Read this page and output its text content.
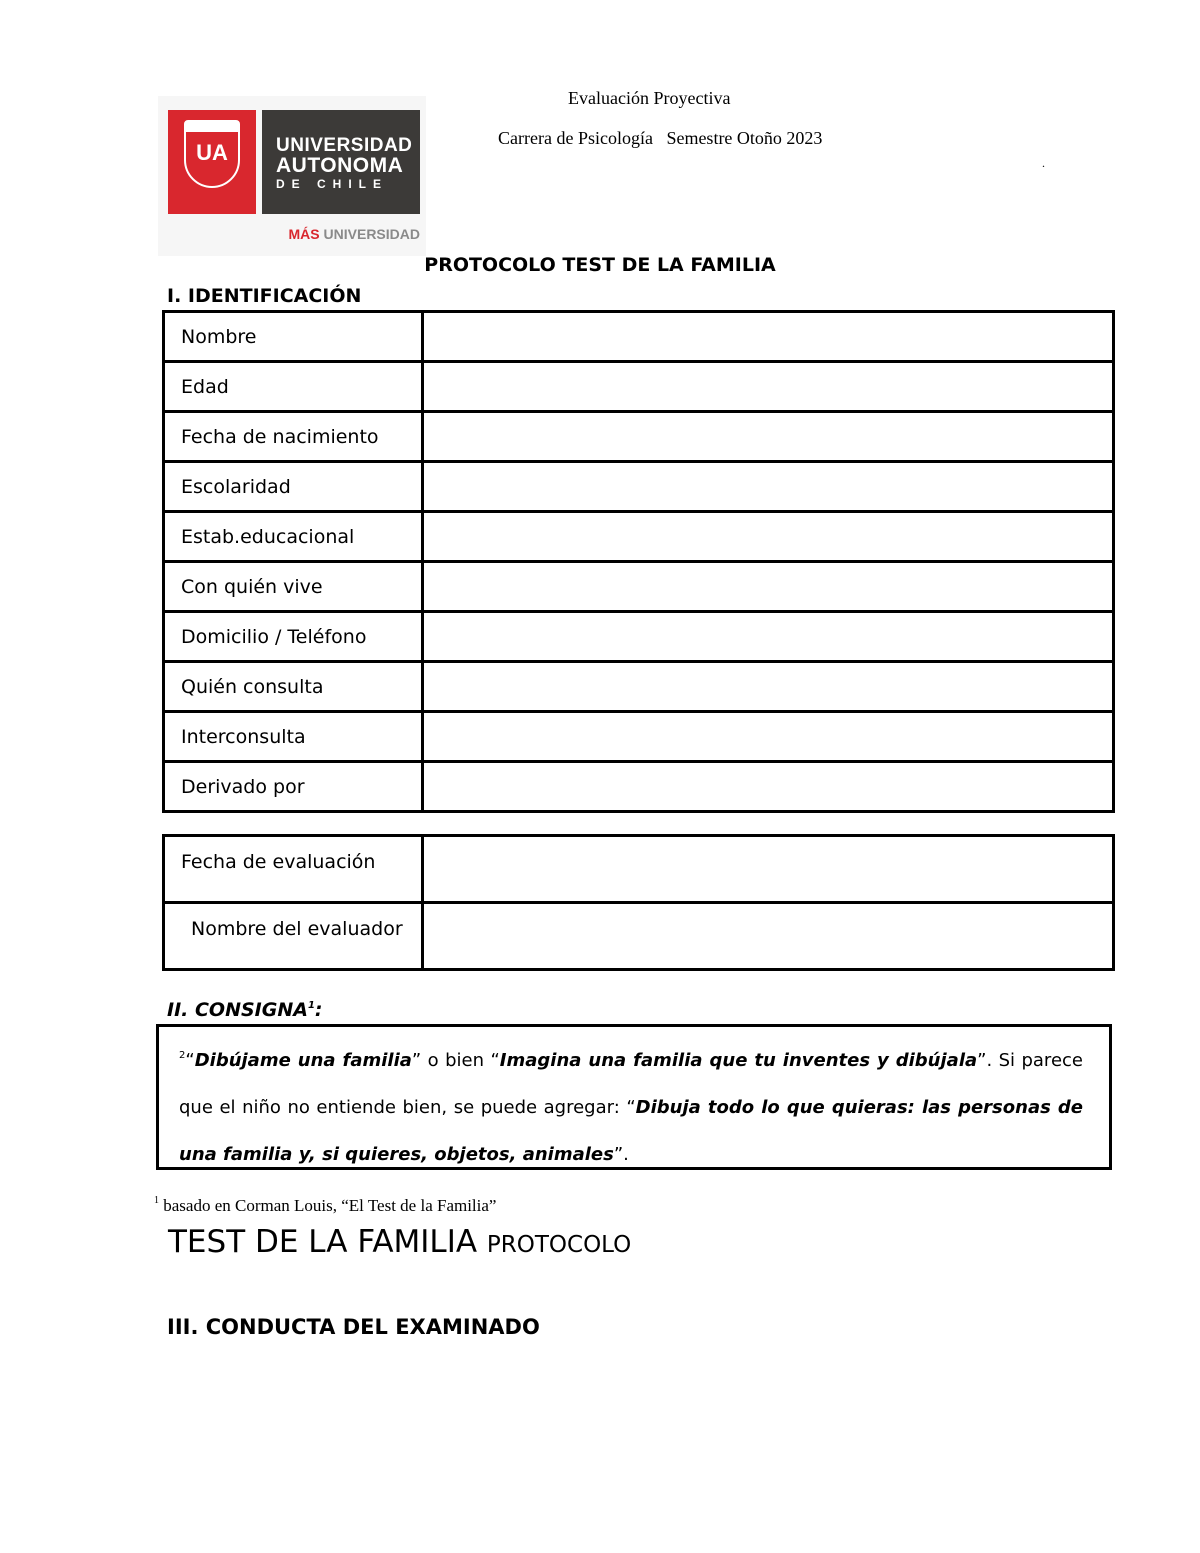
UA	UNIVERSIDAD
AUTONOMA
DE CHILE
MÁS UNIVERSIDAD
Evaluación Proyectiva
Carrera de Psicología   Semestre Otoño 2023
.
PROTOCOLO TEST DE LA FAMILIA
I. IDENTIFICACIÓN
Nombre	
Edad	
Fecha de nacimiento	
Escolaridad	
Estab.educacional	
Con quién vive	
Domicilio / Teléfono	
Quién consulta	
Interconsulta	
Derivado por	
Fecha de evaluación	
Nombre del evaluador	
II. CONSIGNA$^1$:
$^2$“Dibújame una familia” o bien “Imagina una familia que tu inventes y dibújala”. Si parece que el niño no entiende bien, se puede agregar: “Dibuja todo lo que quieras: las personas de una familia y, si quieres, objetos, animales”.
$^1$ basado en Corman Louis, “El Test de la Familia”
TEST DE LA FAMILIA PROTOCOLO
III. CONDUCTA DEL EXAMINADO
